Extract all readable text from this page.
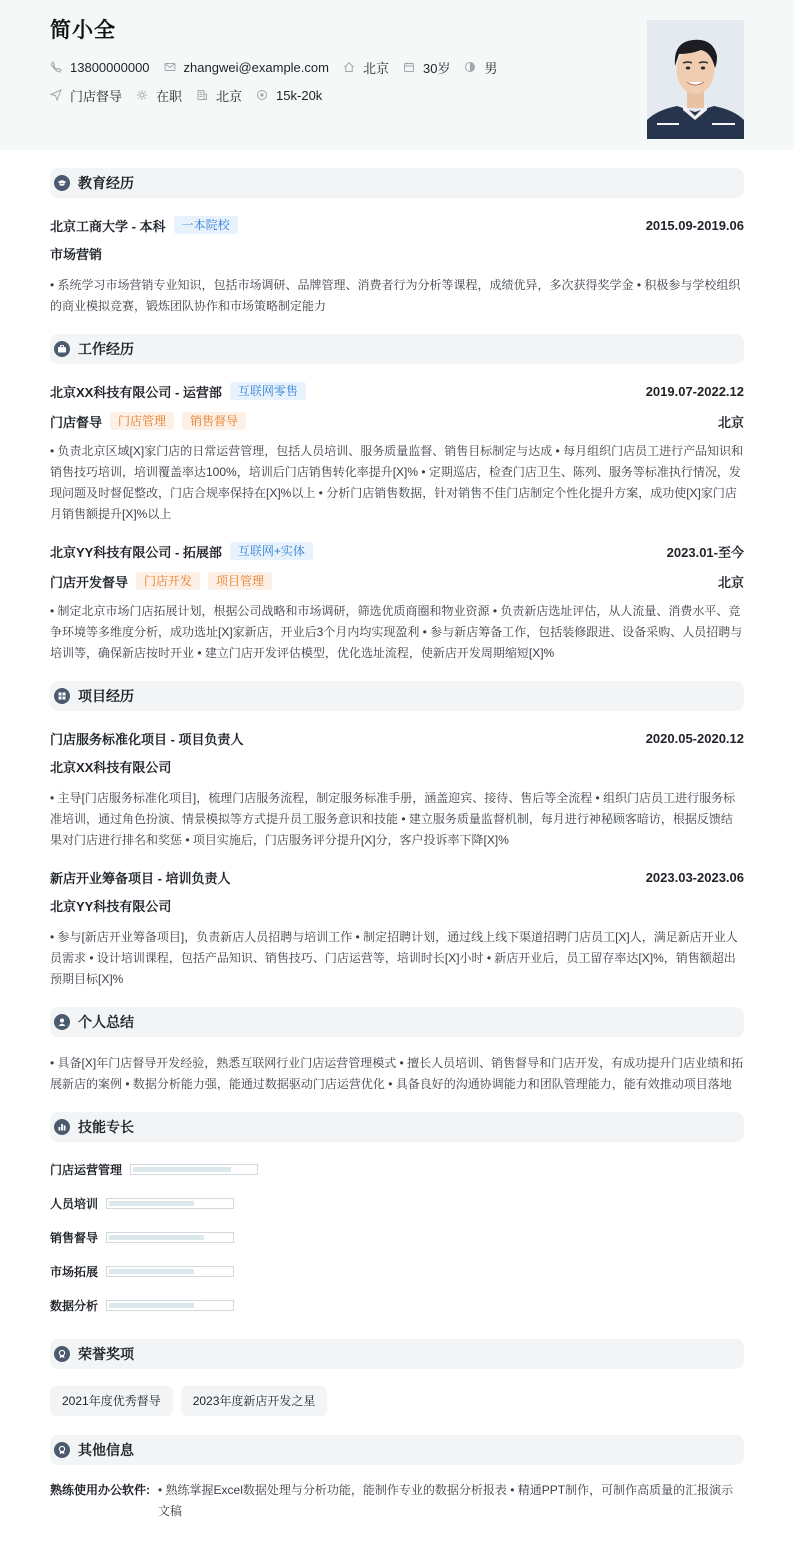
简小全
13800000000	zhangwei@example.com	北京	30岁	男
门店督导	在职	北京	15k-20k
教育经历
北京工商大学 - 本科	一本院校	2015.09-2019.06
市场营销
• 系统学习市场营销专业知识，包括市场调研、品牌管理、消费者行为分析等课程，成绩优异，多次获得奖学金 • 积极参与学校组织的商业模拟竞赛，锻炼团队协作和市场策略制定能力
工作经历
北京XX科技有限公司 - 运营部	互联网零售	2019.07-2022.12
门店督导	门店管理	销售督导	北京
• 负责北京区域[X]家门店的日常运营管理，包括人员培训、服务质量监督、销售目标制定与达成 • 每月组织门店员工进行产品知识和销售技巧培训，培训覆盖率达100%，培训后门店销售转化率提升[X]% • 定期巡店，检查门店卫生、陈列、服务等标准执行情况，发现问题及时督促整改，门店合规率保持在[X]%以上 • 分析门店销售数据，针对销售不佳门店制定个性化提升方案，成功使[X]家门店月销售额提升[X]%以上
北京YY科技有限公司 - 拓展部	互联网+实体	2023.01-至今
门店开发督导	门店开发	项目管理	北京
• 制定北京市场门店拓展计划，根据公司战略和市场调研，筛选优质商圈和物业资源 • 负责新店选址评估，从人流量、消费水平、竞争环境等多维度分析，成功选址[X]家新店，开业后3个月内均实现盈利 • 参与新店筹备工作，包括装修跟进、设备采购、人员招聘与培训等，确保新店按时开业 • 建立门店开发评估模型，优化选址流程，使新店开发周期缩短[X]%
项目经历
门店服务标准化项目 - 项目负责人	2020.05-2020.12
北京XX科技有限公司
• 主导[门店服务标准化项目]，梳理门店服务流程，制定服务标准手册，涵盖迎宾、接待、售后等全流程 • 组织门店员工进行服务标准培训，通过角色扮演、情景模拟等方式提升员工服务意识和技能 • 建立服务质量监督机制，每月进行神秘顾客暗访，根据反馈结果对门店进行排名和奖惩 • 项目实施后，门店服务评分提升[X]分，客户投诉率下降[X]%
新店开业筹备项目 - 培训负责人	2023.03-2023.06
北京YY科技有限公司
• 参与[新店开业筹备项目]，负责新店人员招聘与培训工作 • 制定招聘计划，通过线上线下渠道招聘门店员工[X]人，满足新店开业人员需求 • 设计培训课程，包括产品知识、销售技巧、门店运营等，培训时长[X]小时 • 新店开业后，员工留存率达[X]%，销售额超出预期目标[X]%
个人总结
• 具备[X]年门店督导开发经验，熟悉互联网行业门店运营管理模式 • 擅长人员培训、销售督导和门店开发，有成功提升门店业绩和拓展新店的案例 • 数据分析能力强，能通过数据驱动门店运营优化 • 具备良好的沟通协调能力和团队管理能力，能有效推动项目落地
技能专长
门店运营管理
人员培训
销售督导
市场拓展
数据分析
荣誉奖项
2021年度优秀督导	2023年度新店开发之星
其他信息
熟练使用办公软件: • 熟练掌握Excel数据处理与分析功能，能制作专业的数据分析报表 • 精通PPT制作，可制作高质量的汇报演示文稿
